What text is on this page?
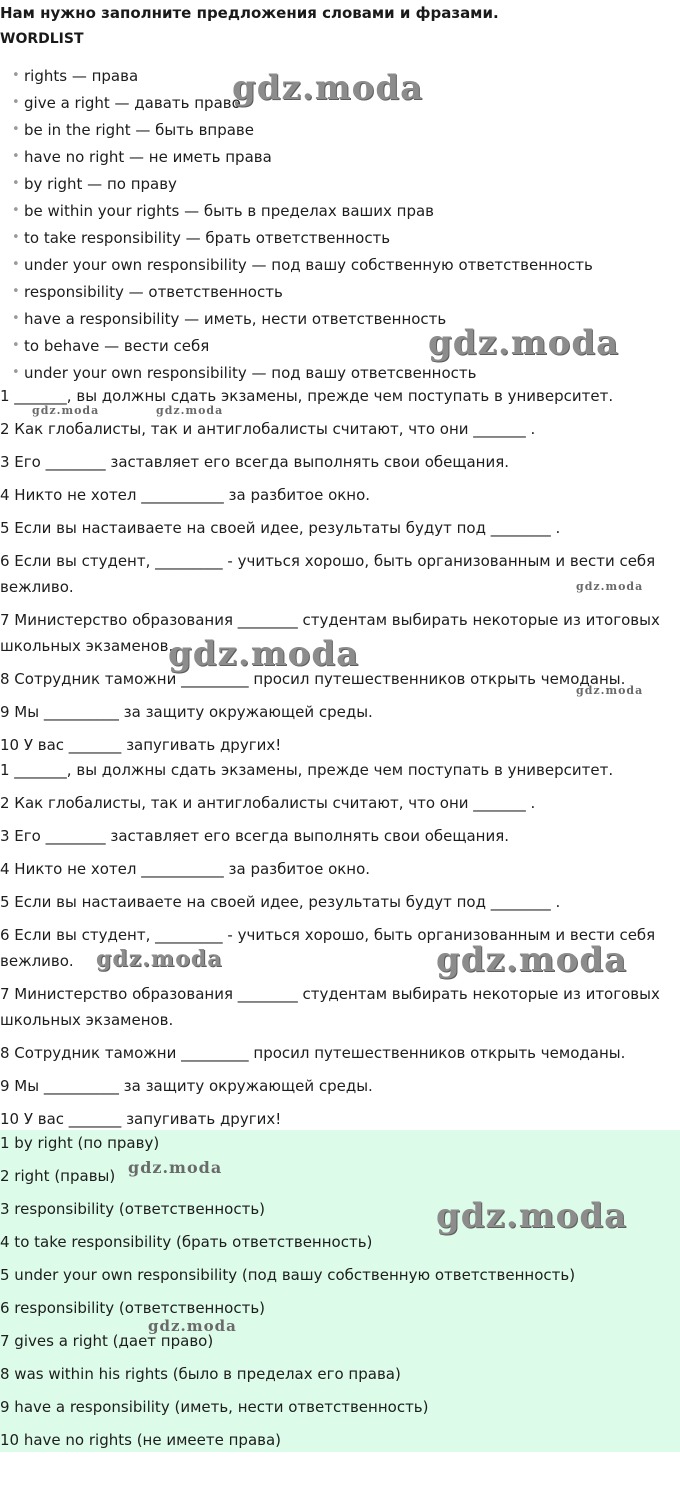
Нам нужно заполните предложения словами и фразами.
WORDLIST
• rights — права
• give a right — давать право
• be in the right — быть вправе
• have no right — не иметь права
• by right — по праву
• be within your rights — быть в пределах ваших прав
• to take responsibility — брать ответственность
• under your own responsibility — под вашу собственную ответственность
• responsibility — ответственность
• have a responsibility — иметь, нести ответственность
• to behave — вести себя
• under your own responsibility — под вашу ответсвенность
1 _______, вы должны сдать экзамены, прежде чем поступать в университет.
2 Как глобалисты, так и антиглобалисты считают, что они _______ .
3 Его ________ заставляет его всегда выполнять свои обещания.
4 Никто не хотел ___________ за разбитое окно.
5 Если вы настаиваете на своей идее, результаты будут под ________ .
6 Если вы студент, _________ - учиться хорошо, быть организованным и вести себя
вежливо.
7 Министерство образования ________ студентам выбирать некоторые из итоговых
школьных экзаменов.
8 Сотрудник таможни _________ просил путешественников открыть чемоданы.
9 Мы __________ за защиту окружающей среды.
10 У вас _______ запугивать других!
1 _______, вы должны сдать экзамены, прежде чем поступать в университет.
2 Как глобалисты, так и антиглобалисты считают, что они _______ .
3 Его ________ заставляет его всегда выполнять свои обещания.
4 Никто не хотел ___________ за разбитое окно.
5 Если вы настаиваете на своей идее, результаты будут под ________ .
6 Если вы студент, _________ - учиться хорошо, быть организованным и вести себя
вежливо.
7 Министерство образования ________ студентам выбирать некоторые из итоговых
школьных экзаменов.
8 Сотрудник таможни _________ просил путешественников открыть чемоданы.
9 Мы __________ за защиту окружающей среды.
10 У вас _______ запугивать других!
1 by right (по праву)
2 right (правы)
3 responsibility (ответственность)
4 to take responsibility (брать ответственность)
5 under your own responsibility (под вашу собственную ответственность)
6 responsibility (ответственность)
7 gives a right (дает право)
8 was within his rights (было в пределах его права)
9 have a responsibility (иметь, нести ответственность)
10 have no rights (не имеете права)
gdz.moda
gdz.moda
gdz.moda	gdz.moda
gdz.moda
gdz.moda
gdz.moda
gdz.moda	gdz.moda
gdz.moda
gdz.moda
gdz.moda
